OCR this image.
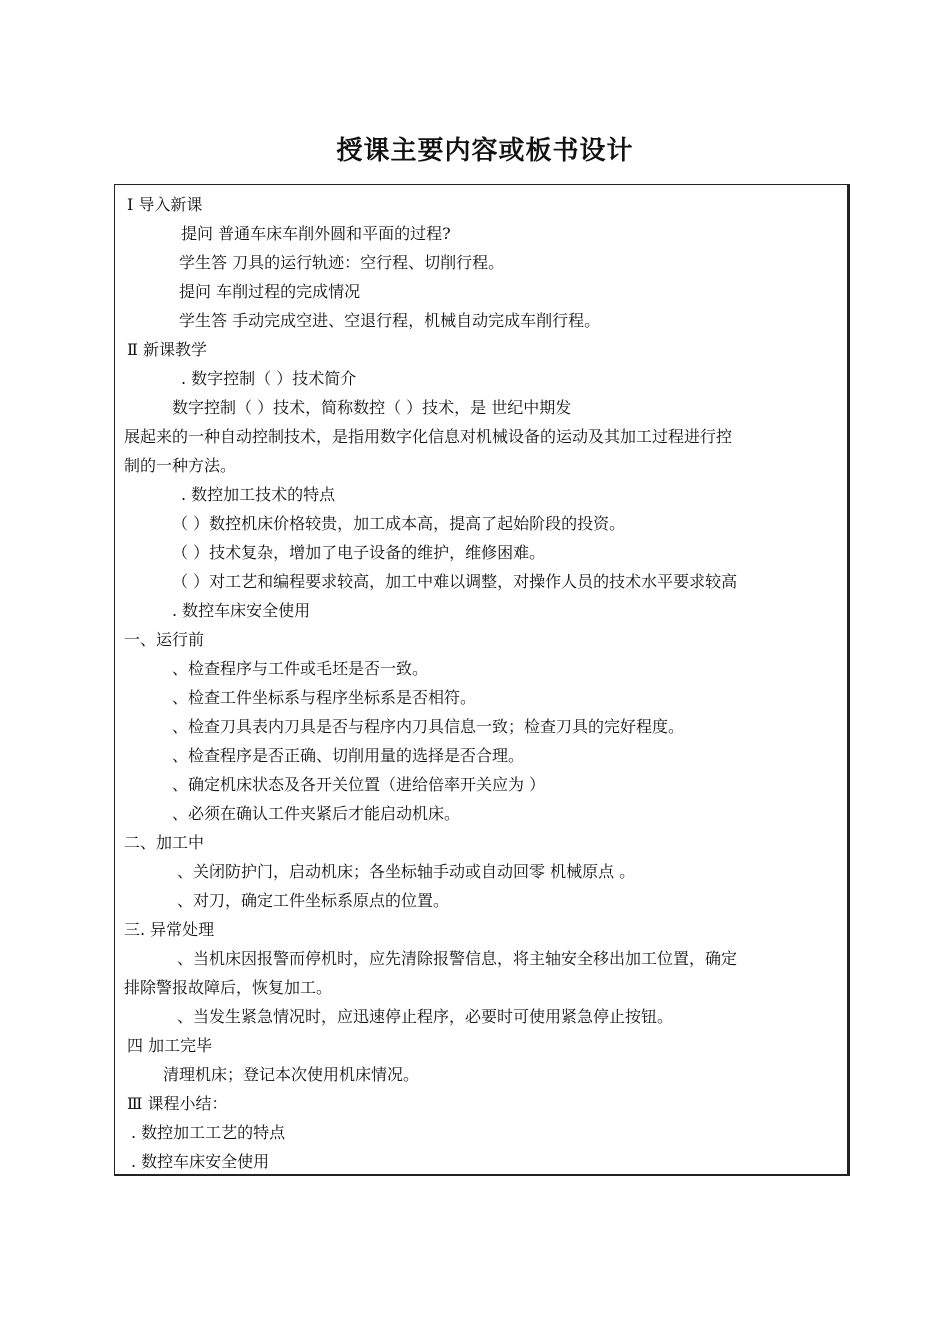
授课主要内容或板书设计
Ⅰ 导入新课
提问 普通车床车削外圆和平面的过程?
学生答 刀具的运行轨迹：空行程、切削行程。
提问 车削过程的完成情况
学生答 手动完成空进、空退行程，机械自动完成车削行程。
Ⅱ 新课教学
. 数字控制（ ）技术简介
数字控制（ ）技术，简称数控（ ）技术，是 世纪中期发
展起来的一种自动控制技术，是指用数字化信息对机械设备的运动及其加工过程进行控
制的一种方法。
. 数控加工技术的特点
（ ）数控机床价格较贵，加工成本高，提高了起始阶段的投资。
（ ）技术复杂，增加了电子设备的维护，维修困难。
（ ）对工艺和编程要求较高，加工中难以调整，对操作人员的技术水平要求较高
. 数控车床安全使用
一、运行前
、检查程序与工件或毛坯是否一致。
、检查工件坐标系与程序坐标系是否相符。
、检查刀具表内刀具是否与程序内刀具信息一致；检查刀具的完好程度。
、检查程序是否正确、切削用量的选择是否合理。
、确定机床状态及各开关位置（进给倍率开关应为 ）
、必须在确认工件夹紧后才能启动机床。
二、加工中
、关闭防护门，启动机床；各坐标轴手动或自动回零 机械原点 。
、对刀，确定工件坐标系原点的位置。
三. 异常处理
、当机床因报警而停机时，应先清除报警信息，将主轴安全移出加工位置，确定
排除警报故障后，恢复加工。
、当发生紧急情况时，应迅速停止程序，必要时可使用紧急停止按钮。
四 加工完毕
清理机床；登记本次使用机床情况。
Ⅲ 课程小结：
. 数控加工工艺的特点
. 数控车床安全使用
